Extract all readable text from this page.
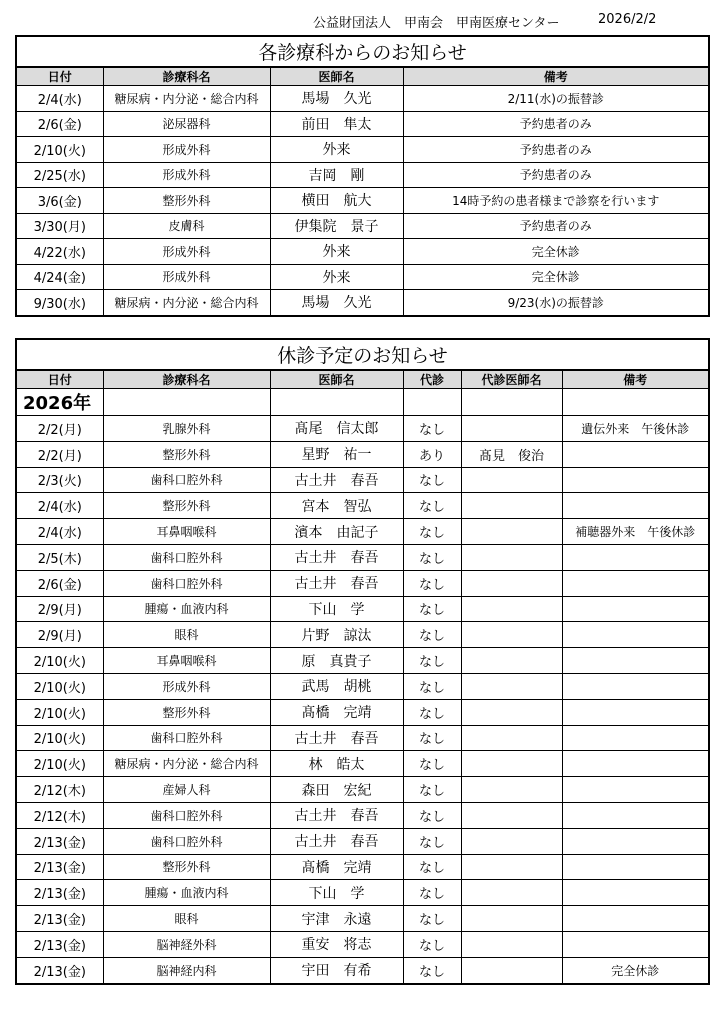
公益財団法人　甲南会　甲南医療センター	2026/2/2
各診療科からのお知らせ			
日付	診療科名	医師名	備考
2/4(水)	糖尿病・内分泌・総合内科	馬場　久光	2/11(水)の振替診
2/6(金)	泌尿器科	前田　隼太	予約患者のみ
2/10(火)	形成外科	外来	予約患者のみ
2/25(水)	形成外科	吉岡　剛	予約患者のみ
3/6(金)	整形外科	横田　航大	14時予約の患者様まで診察を行います
3/30(月)	皮膚科	伊集院　景子	予約患者のみ
4/22(水)	形成外科	外来	完全休診
4/24(金)	形成外科	外来	完全休診
9/30(水)	糖尿病・内分泌・総合内科	馬場　久光	9/23(水)の振替診
休診予定のお知らせ					
日付	診療科名	医師名	代診	代診医師名	備考
2026年					
2/2(月)	乳腺外科	髙尾　信太郎	なし		遺伝外来　午後休診
2/2(月)	整形外科	星野　祐一	あり	髙見　俊治	
2/3(火)	歯科口腔外科	古土井　春吾	なし		
2/4(水)	整形外科	宮本　智弘	なし		
2/4(水)	耳鼻咽喉科	濱本　由記子	なし		補聴器外来　午後休診
2/5(木)	歯科口腔外科	古土井　春吾	なし		
2/6(金)	歯科口腔外科	古土井　春吾	なし		
2/9(月)	腫瘍・血液内科	下山　学	なし		
2/9(月)	眼科	片野　諒汰	なし		
2/10(火)	耳鼻咽喉科	原　真貴子	なし		
2/10(火)	形成外科	武馬　胡桃	なし		
2/10(火)	整形外科	髙橋　完靖	なし		
2/10(火)	歯科口腔外科	古土井　春吾	なし		
2/10(火)	糖尿病・内分泌・総合内科	林　皓太	なし		
2/12(木)	産婦人科	森田　宏紀	なし		
2/12(木)	歯科口腔外科	古土井　春吾	なし		
2/13(金)	歯科口腔外科	古土井　春吾	なし		
2/13(金)	整形外科	髙橋　完靖	なし		
2/13(金)	腫瘍・血液内科	下山　学	なし		
2/13(金)	眼科	宇津　永遠	なし		
2/13(金)	脳神経外科	重安　将志	なし		
2/13(金)	脳神経内科	宇田　有希	なし		完全休診
